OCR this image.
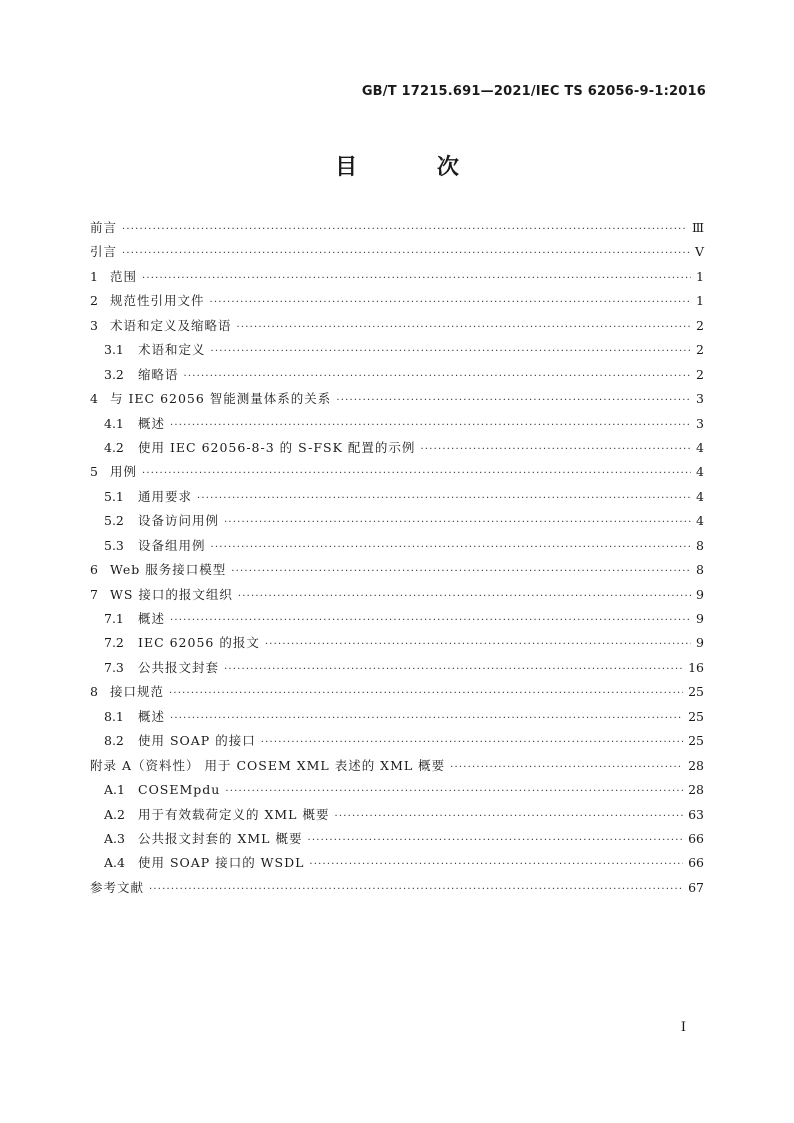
GB/T 17215.691—2021/IEC TS 62056-9-1:2016
目 次
前言 ·····	Ⅲ
引言 ·····	Ⅴ
1 范围 ·····	1
2 规范性引用文件 ·····	1
3 术语和定义及缩略语 ·····	2
3.1	术语和定义 ·····	2
3.2	缩略语 ·····	2
4 与 IEC 62056 智能测量体系的关系 ·····	3
4.1	概述 ·····	3
4.2	使用 IEC 62056-8-3 的 S-FSK 配置的示例 ·····	4
5 用例 ·····	4
5.1	通用要求 ·····	4
5.2	设备访问用例 ·····	4
5.3	设备组用例 ·····	8
6 Web 服务接口模型 ·····	8
7 WS 接口的报文组织 ·····	9
7.1	概述 ·····	9
7.2	IEC 62056 的报文 ·····	9
7.3	公共报文封套 ·····	16
8 接口规范 ·····	25
8.1	概述 ·····	25
8.2	使用 SOAP 的接口 ·····	25
附录 A（资料性） 用于 COSEM XML 表述的 XML 概要 ·····	28
A.1	COSEMpdu ·····	28
A.2	用于有效载荷定义的 XML 概要 ·····	63
A.3	公共报文封套的 XML 概要 ·····	66
A.4	使用 SOAP 接口的 WSDL ·····	66
参考文献 ·····	67
Ⅰ
